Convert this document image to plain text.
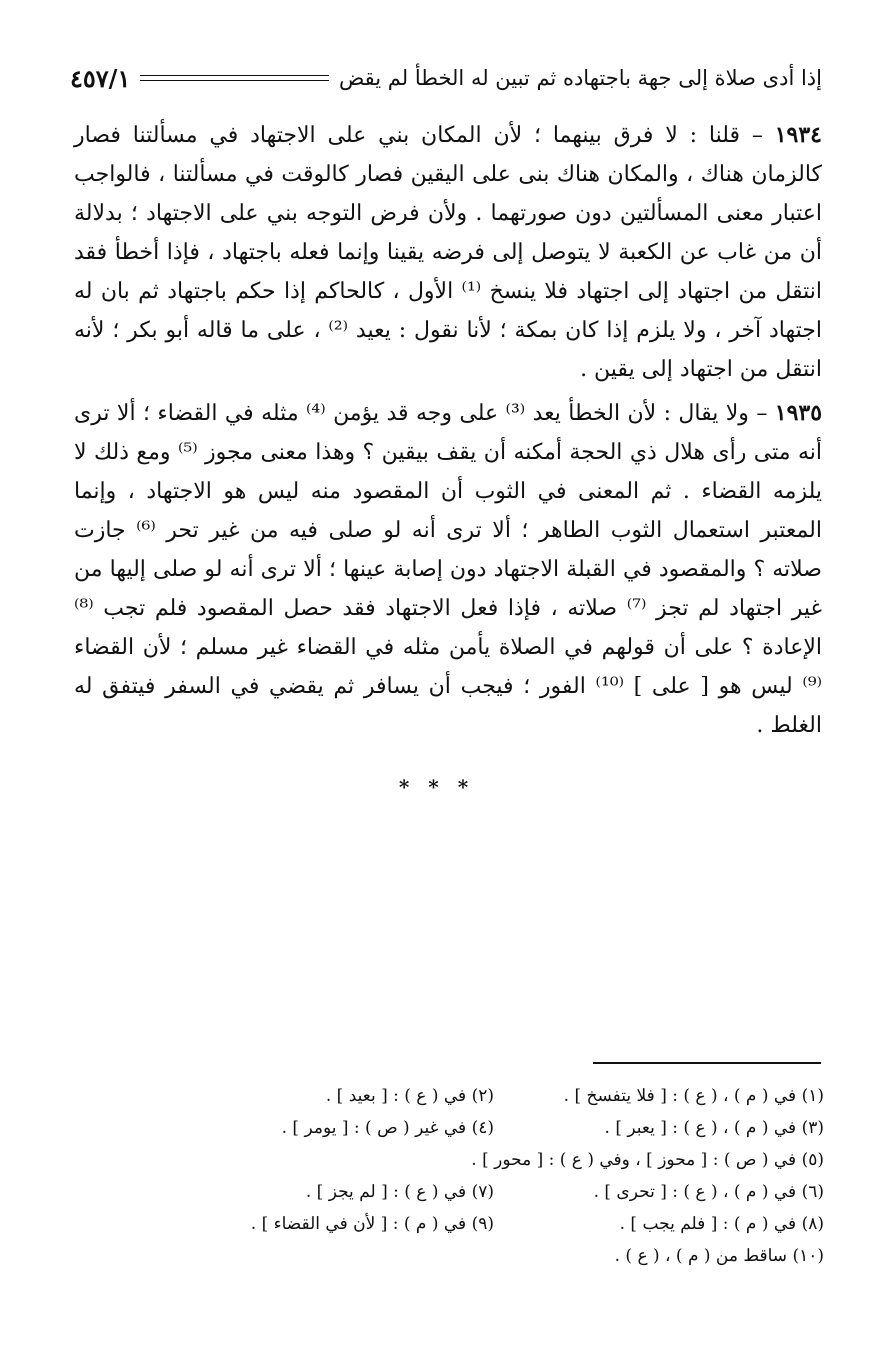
إذا أدى صلاة إلى جهة باجتهاده ثم تبين له الخطأ لم يقض
٤٥٧/١

١٩٣٤ – قلنا : لا فرق بينهما ؛ لأن المكان بني على الاجتهاد في مسألتنا فصار كالزمان هناك ، والمكان هناك بنى على اليقين فصار كالوقت في مسألتنا ، فالواجب اعتبار معنى المسألتين دون صورتهما . ولأن فرض التوجه بني على الاجتهاد ؛ بدلالة أن من غاب عن الكعبة لا يتوصل إلى فرضه يقينا وإنما فعله باجتهاد ، فإذا أخطأ فقد انتقل من اجتهاد إلى اجتهاد فلا ينسخ ⁽¹⁾ الأول ، كالحاكم إذا حكم باجتهاد ثم بان له اجتهاد آخر ، ولا يلزم إذا كان بمكة ؛ لأنا نقول : يعيد ⁽²⁾ ، على ما قاله أبو بكر ؛ لأنه انتقل من اجتهاد إلى يقين .

١٩٣٥ – ولا يقال : لأن الخطأ يعد ⁽³⁾ على وجه قد يؤمن ⁽⁴⁾ مثله في القضاء ؛ ألا ترى أنه متى رأى هلال ذي الحجة أمكنه أن يقف بيقين ؟ وهذا معنى مجوز ⁽⁵⁾ ومع ذلك لا يلزمه القضاء . ثم المعنى في الثوب أن المقصود منه ليس هو الاجتهاد ، وإنما المعتبر استعمال الثوب الطاهر ؛ ألا ترى أنه لو صلى فيه من غير تحر ⁽⁶⁾ جازت صلاته ؟ والمقصود في القبلة الاجتهاد دون إصابة عينها ؛ ألا ترى أنه لو صلى إليها من غير اجتهاد لم تجز ⁽⁷⁾ صلاته ، فإذا فعل الاجتهاد فقد حصل المقصود فلم تجب ⁽⁸⁾ الإعادة ؟ على أن قولهم في الصلاة يأمن مثله في القضاء غير مسلم ؛ لأن القضاء ⁽⁹⁾ ليس هو [ على ] ⁽¹⁰⁾ الفور ؛ فيجب أن يسافر ثم يقضي في السفر فيتفق له الغلط .

* * *
(١) في ( م ) ، ( ع ) : [ فلا يتفسخ ] .
(٢) في ( ع ) : [ بعيد ] .
(٣) في ( م ) ، ( ع ) : [ يعبر ] .
(٤) في غير ( ص ) : [ يومر ] .
(٥) في ( ص ) : [ محوز ] ، وفي ( ع ) : [ محور ] .
(٦) في ( م ) ، ( ع ) : [ تحرى ] .
(٧) في ( ع ) : [ لم يجز ] .
(٨) في ( م ) : [ فلم يجب ] .
(٩) في ( م ) : [ لأن في القضاء ] .
(١٠) ساقط من ( م ) ، ( ع ) .
